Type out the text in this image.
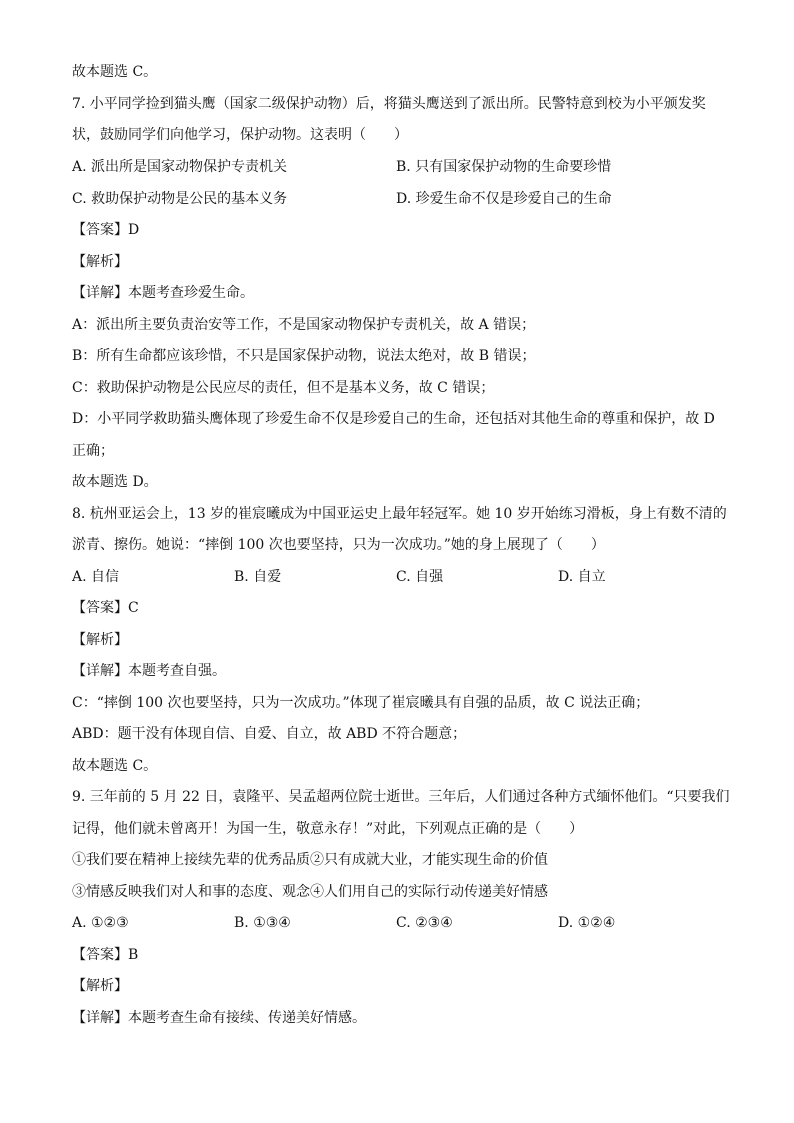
故本题选 C。
7. 小平同学捡到猫头鹰（国家二级保护动物）后，将猫头鹰送到了派出所。民警特意到校为小平颁发奖
状，鼓励同学们向他学习，保护动物。这表明（　　）
A. 派出所是国家动物保护专责机关	B. 只有国家保护动物的生命要珍惜
C. 救助保护动物是公民的基本义务	D. 珍爱生命不仅是珍爱自己的生命
【答案】D
【解析】
【详解】本题考查珍爱生命。
A：派出所主要负责治安等工作，不是国家动物保护专责机关，故 A 错误；
B：所有生命都应该珍惜，不只是国家保护动物，说法太绝对，故 B 错误；
C：救助保护动物是公民应尽的责任，但不是基本义务，故 C 错误；
D：小平同学救助猫头鹰体现了珍爱生命不仅是珍爱自己的生命，还包括对其他生命的尊重和保护，故 D
正确；
故本题选 D。
8. 杭州亚运会上，13 岁的崔宸曦成为中国亚运史上最年轻冠军。她 10 岁开始练习滑板，身上有数不清的
淤青、擦伤。她说：“摔倒 100 次也要坚持，只为一次成功。”她的身上展现了（　　）
A. 自信	B. 自爱	C. 自强	D. 自立
【答案】C
【解析】
【详解】本题考查自强。
C：“摔倒 100 次也要坚持，只为一次成功。”体现了崔宸曦具有自强的品质，故 C 说法正确；
ABD：题干没有体现自信、自爱、自立，故 ABD 不符合题意；
故本题选 C。
9. 三年前的 5 月 22 日，袁隆平、吴孟超两位院士逝世。三年后，人们通过各种方式缅怀他们。“只要我们
记得，他们就未曾离开！为国一生，敬意永存！”对此，下列观点正确的是（　　）
①我们要在精神上接续先辈的优秀品质②只有成就大业，才能实现生命的价值
③情感反映我们对人和事的态度、观念④人们用自己的实际行动传递美好情感
A. ①②③	B. ①③④	C. ②③④	D. ①②④
【答案】B
【解析】
【详解】本题考查生命有接续、传递美好情感。
